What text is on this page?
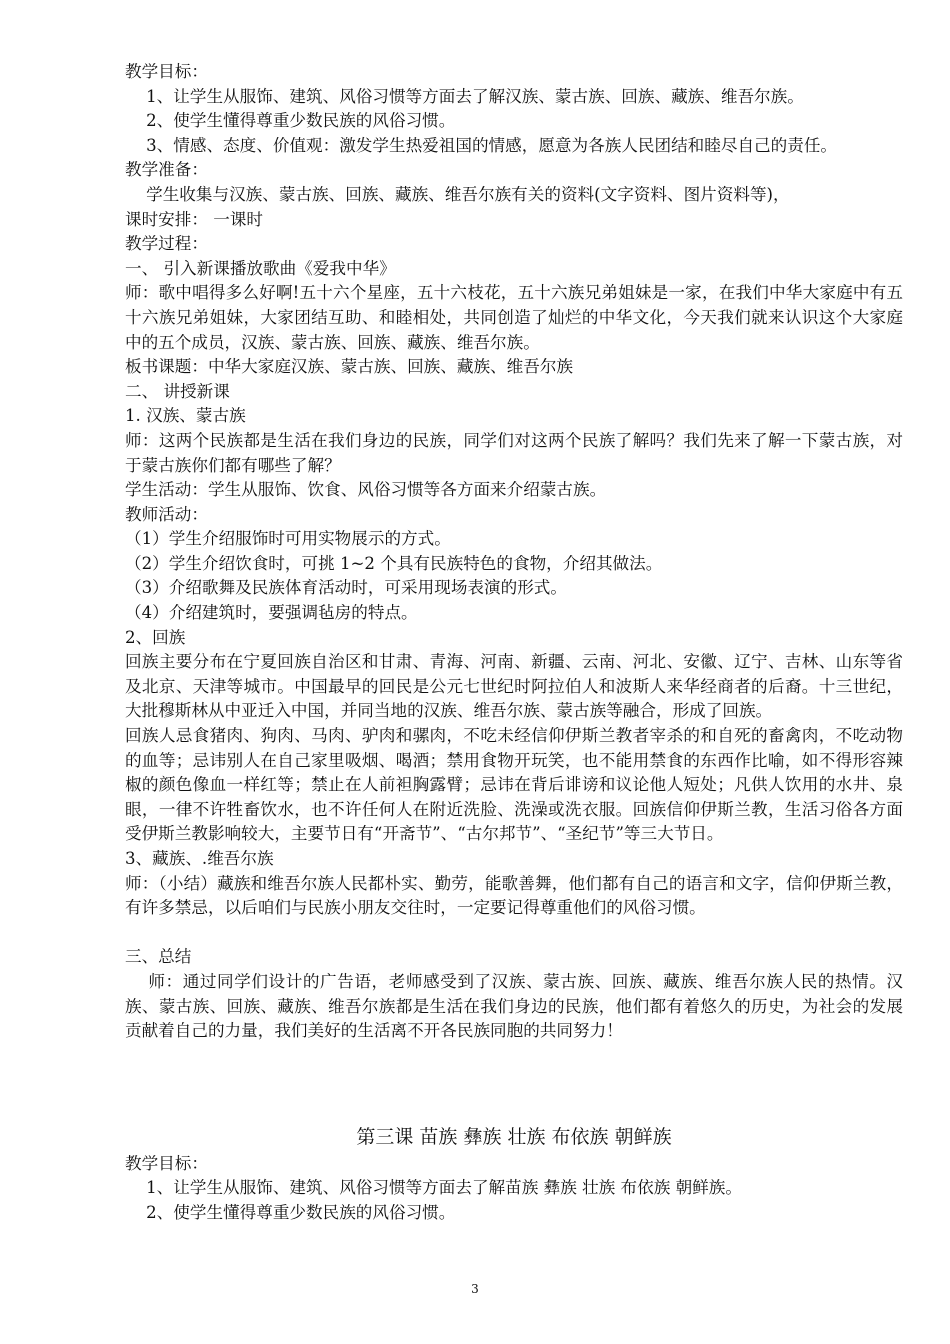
教学目标：

1、让学生从服饰、建筑、风俗习惯等方面去了解汉族、蒙古族、回族、藏族、维吾尔族。

2、使学生懂得尊重少数民族的风俗习惯。

3、情感、态度、价值观：激发学生热爱祖国的情感，愿意为各族人民团结和睦尽自己的责任。

教学准备：

学生收集与汉族、蒙古族、回族、藏族、维吾尔族有关的资料(文字资料、图片资料等)，

课时安排： 一课时

教学过程：

一、 引入新课播放歌曲《爱我中华》

师：歌中唱得多么好啊!五十六个星座，五十六枝花，五十六族兄弟姐妹是一家，在我们中华大家庭中有五十六族兄弟姐妹，大家团结互助、和睦相处，共同创造了灿烂的中华文化，今天我们就来认识这个大家庭中的五个成员，汉族、蒙古族、回族、藏族、维吾尔族。

板书课题：中华大家庭汉族、蒙古族、回族、藏族、维吾尔族

二、 讲授新课

1. 汉族、蒙古族

师：这两个民族都是生活在我们身边的民族，同学们对这两个民族了解吗？我们先来了解一下蒙古族，对于蒙古族你们都有哪些了解？

学生活动：学生从服饰、饮食、风俗习惯等各方面来介绍蒙古族。

教师活动：

（1）学生介绍服饰时可用实物展示的方式。

（2）学生介绍饮食时，可挑 1~2 个具有民族特色的食物，介绍其做法。

（3）介绍歌舞及民族体育活动时，可采用现场表演的形式。

（4）介绍建筑时，要强调毡房的特点。

2、回族

回族主要分布在宁夏回族自治区和甘肃、青海、河南、新疆、云南、河北、安徽、辽宁、吉林、山东等省及北京、天津等城市。中国最早的回民是公元七世纪时阿拉伯人和波斯人来华经商者的后裔。十三世纪，大批穆斯林从中亚迁入中国，并同当地的汉族、维吾尔族、蒙古族等融合，形成了回族。

回族人忌食猪肉、狗肉、马肉、驴肉和骡肉，不吃未经信仰伊斯兰教者宰杀的和自死的畜禽肉，不吃动物的血等；忌讳别人在自己家里吸烟、喝酒；禁用食物开玩笑，也不能用禁食的东西作比喻，如不得形容辣椒的颜色像血一样红等；禁止在人前袒胸露臂；忌讳在背后诽谤和议论他人短处；凡供人饮用的水井、泉眼，一律不许牲畜饮水，也不许任何人在附近洗脸、洗澡或洗衣服。回族信仰伊斯兰教，生活习俗各方面受伊斯兰教影响较大，主要节日有“开斋节”、“古尔邦节”、“圣纪节”等三大节日。

3、藏族、.维吾尔族

师：（小结）藏族和维吾尔族人民都朴实、勤劳，能歌善舞，他们都有自己的语言和文字，信仰伊斯兰教，有许多禁忌，以后咱们与民族小朋友交往时，一定要记得尊重他们的风俗习惯。

三、总结

师：通过同学们设计的广告语，老师感受到了汉族、蒙古族、回族、藏族、维吾尔族人民的热情。汉族、蒙古族、回族、藏族、维吾尔族都是生活在我们身边的民族，他们都有着悠久的历史，为社会的发展贡献着自己的力量，我们美好的生活离不开各民族同胞的共同努力！

第三课 苗族 彝族 壮族 布依族 朝鲜族

教学目标：

1、让学生从服饰、建筑、风俗习惯等方面去了解苗族 彝族 壮族 布依族 朝鲜族。

2、使学生懂得尊重少数民族的风俗习惯。

3
